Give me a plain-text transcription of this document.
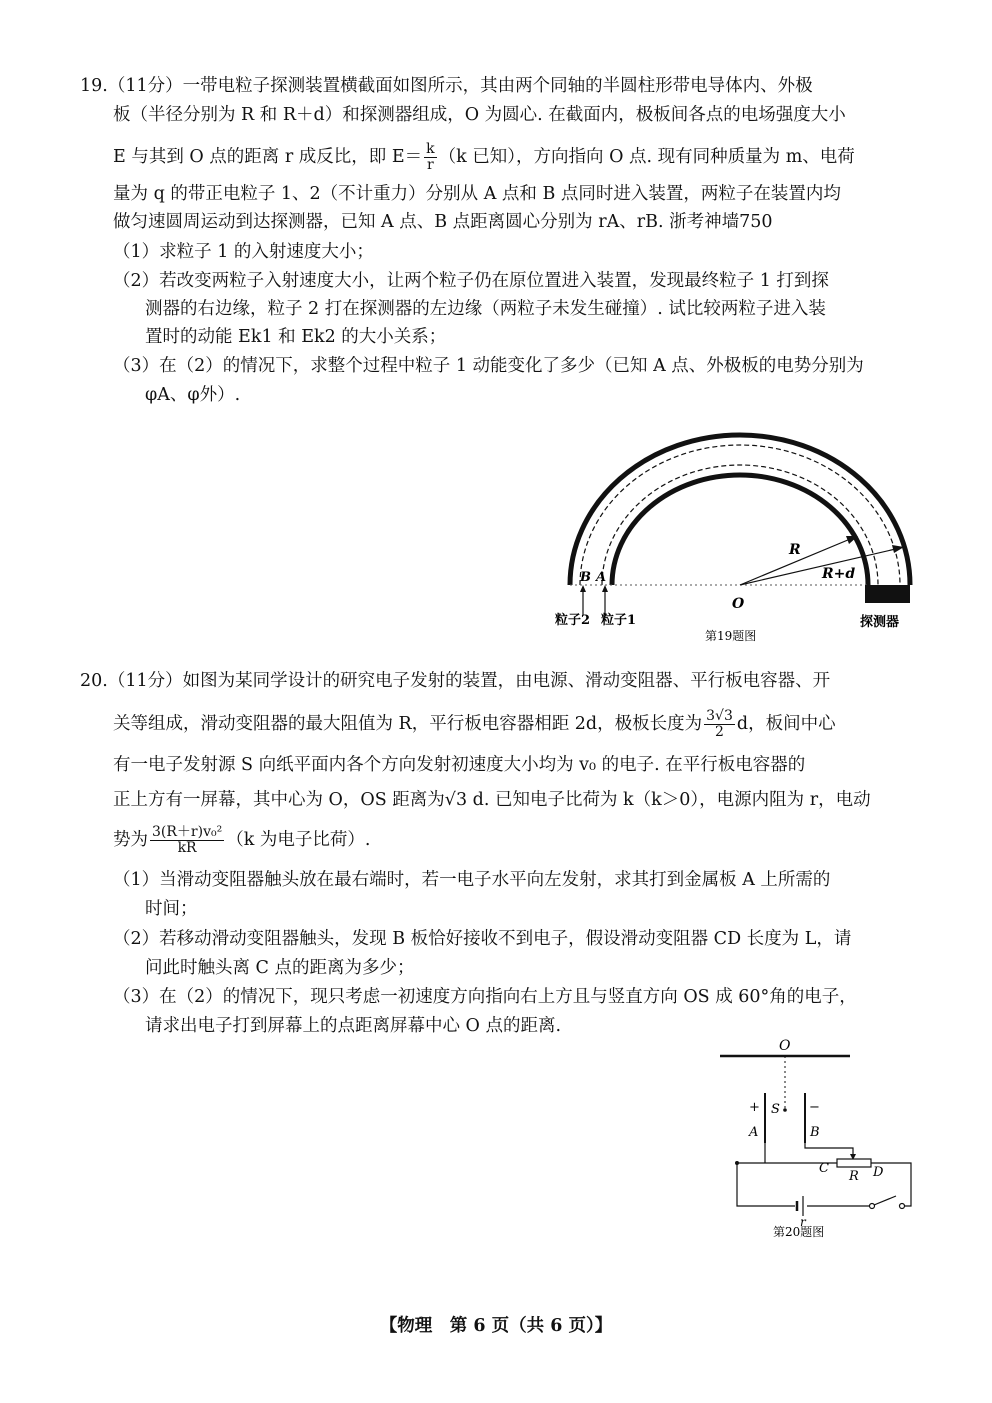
19.（11分）一带电粒子探测装置横截面如图所示，其由两个同轴的半圆柱形带电导体内、外极
板（半径分别为 R 和 R＋d）和探测器组成，O 为圆心. 在截面内，极板间各点的电场强度大小
E 与其到 O 点的距离 r 成反比，即 $E= \frac{k}{r} (k$ 已知），方向指向 O 点. 现有同种质量为 m、电荷
量为 q 的带正电粒子 1、2（不计重力）分别从 A 点和 B 点同时进入装置，两粒子在装置内均
做匀速圆周运动到达探测器，已知 A 点、B 点距离圆心分别为 rA、rB. 浙考神墙750
（1）求粒子 1 的入射速度大小；
（2）若改变两粒子入射速度大小，让两个粒子仍在原位置进入装置，发现最终粒子 1 打到探
测器的右边缘，粒子 2 打在探测器的左边缘（两粒子未发生碰撞）. 试比较两粒子进入装
置时的动能 Ek1 和 Ek2 的大小关系；
（3）在（2）的情况下，求整个过程中粒子 1 动能变化了多少（已知 A 点、外极板的电势分别为
φA、φ外）.
R
R+d
O
B A
粒子2 粒子1	探测器
第19题图
20.（11分）如图为某同学设计的研究电子发射的装置，由电源、滑动变阻器、平行板电容器、开
关等组成，滑动变阻器的最大阻值为 R，平行板电容器相距 2d，极板长度为 $\frac{3√3}{2}$ d，板间中心
有一电子发射源 S 向纸平面内各个方向发射初速度大小均为 v₀ 的电子. 在平行板电容器的
正上方有一屏幕，其中心为 O，OS 距离为√3 d. 已知电子比荷为 k（k＞0），电源内阻为 r，电动
势为 $\frac{\text{3(R＋r)v₀²}}{kR} (k$ 为电子比荷）.
（1）当滑动变阻器触头放在最右端时，若一电子水平向左发射，求其打到金属板 A 上所需的
时间；
（2）若移动滑动变阻器触头，发现 B 板恰好接收不到电子，假设滑动变阻器 CD 长度为 L，请
问此时触头离 C 点的距离为多少；
（3）在（2）的情况下，现只考虑一初速度方向指向右上方且与竖直方向 OS 成 60°角的电子，
请求出电子打到屏幕上的点距离屏幕中心 O 点的距离.
O
+	−
S
A	B
C
R D
r
第20题图
【物理　第 6 页（共 6 页）】
